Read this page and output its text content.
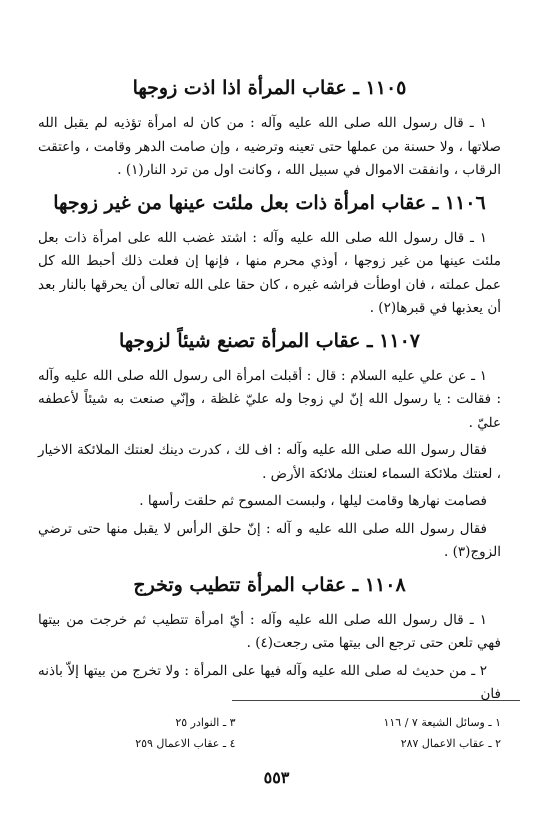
١١٠٥ ـ عقاب المرأة اذا اذت زوجها

١ ـ قال رسول الله صلى الله عليه وآله : من كان له امرأة تؤذيه لم يقبل الله صلاتها ، ولا حسنة من عملها حتى تعينه وترضيه ، وإن صامت الدهر وقامت ، واعتقت الرقاب ، وانفقت الاموال في سبيل الله ، وكانت اول من ترد النار(١) .

١١٠٦ ـ عقاب امرأة ذات بعل ملئت عينها من غير زوجها

١ ـ قال رسول الله صلى الله عليه وآله : اشتد غضب الله على امرأة ذات بعل ملئت عينها من غير زوجها ، أوذي محرم منها ، فإنها إن فعلت ذلك أحبط الله كل عمل عملته ، فان اوطأت فراشه غيره ، كان حقا على الله تعالى أن يحرقها بالنار بعد أن يعذبها في قبرها(٢) .

١١٠٧ ـ عقاب المرأة تصنع شيئاً لزوجها

١ ـ عن علي عليه السلام : قال : أقبلت امرأة الى رسول الله صلى الله عليه وآله : فقالت : يا رسول الله إنّ لي زوجا وله عليّ غلظة ، وإنّي صنعت به شيئاً لأعطفه عليّ .

فقال رسول الله صلى الله عليه وآله : اف لك ، كدرت دينك لعنتك الملائكة الاخيار ، لعنتك ملائكة السماء لعنتك ملائكة الأرض .

فصامت نهارها وقامت ليلها ، ولبست المسوح ثم حلقت رأسها .

فقال رسول الله صلى الله عليه و آله : إنّ حلق الرأس لا يقبل منها حتى ترضي الزوج(٣) .

١١٠٨ ـ عقاب المرأة تتطيب وتخرج

١ ـ قال رسول الله صلى الله عليه وآله : أيّ امرأة تتطيب ثم خرجت من بيتها فهي تلعن حتى ترجع الى بيتها متى رجعت(٤) .

٢ ـ من حديث له صلى الله عليه وآله فيها على المرأة : ولا تخرج من بيتها إلاّ باذنه فان

١ ـ وسائل الشيعة ٧ / ١١٦
٢ ـ عقاب الاعمال ٢٨٧
٣ ـ النوادر ٢٥
٤ ـ عقاب الاعمال ٢٥٩
٥٥٣
